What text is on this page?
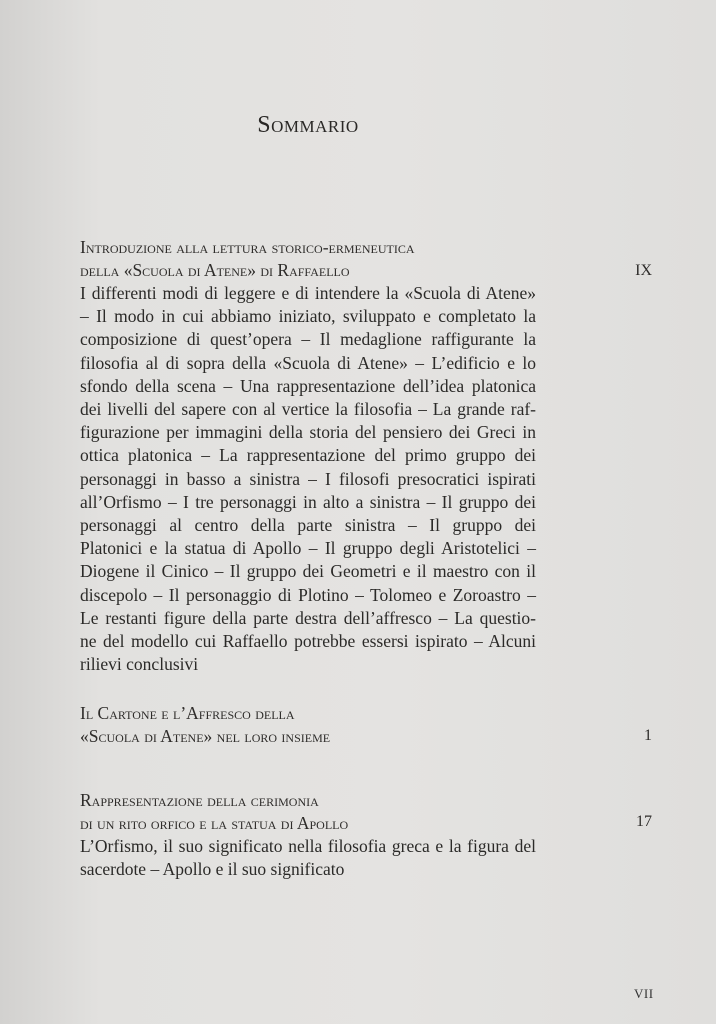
Sommario
Introduzione alla lettura storico-ermeneutica
della «Scuola di Atene» di Raffaello	IX
I differenti modi di leggere e di intendere la «Scuola di Atene»
– Il modo in cui abbiamo iniziato, sviluppato e completato la
composizione di quest’opera – Il medaglione raffigurante la
filosofia al di sopra della «Scuola di Atene» – L’edificio e lo
sfondo della scena – Una rappresentazione dell’idea platonica
dei livelli del sapere con al vertice la filosofia – La grande raf-
figurazione per immagini della storia del pensiero dei Greci in
ottica platonica – La rappresentazione del primo gruppo dei
personaggi in basso a sinistra – I filosofi presocratici ispirati
all’Orfismo – I tre personaggi in alto a sinistra – Il gruppo dei
personaggi al centro della parte sinistra – Il gruppo dei
Platonici e la statua di Apollo – Il gruppo degli Aristotelici –
Diogene il Cinico – Il gruppo dei Geometri e il maestro con il
discepolo – Il personaggio di Plotino – Tolomeo e Zoroastro –
Le restanti figure della parte destra dell’affresco – La questio-
ne del modello cui Raffaello potrebbe essersi ispirato – Alcuni
rilievi conclusivi
Il Cartone e l’Affresco della
«Scuola di Atene» nel loro insieme	1
Rappresentazione della cerimonia
di un rito orfico e la statua di Apollo	17
L’Orfismo, il suo significato nella filosofia greca e la figura del
sacerdote – Apollo e il suo significato
VII
